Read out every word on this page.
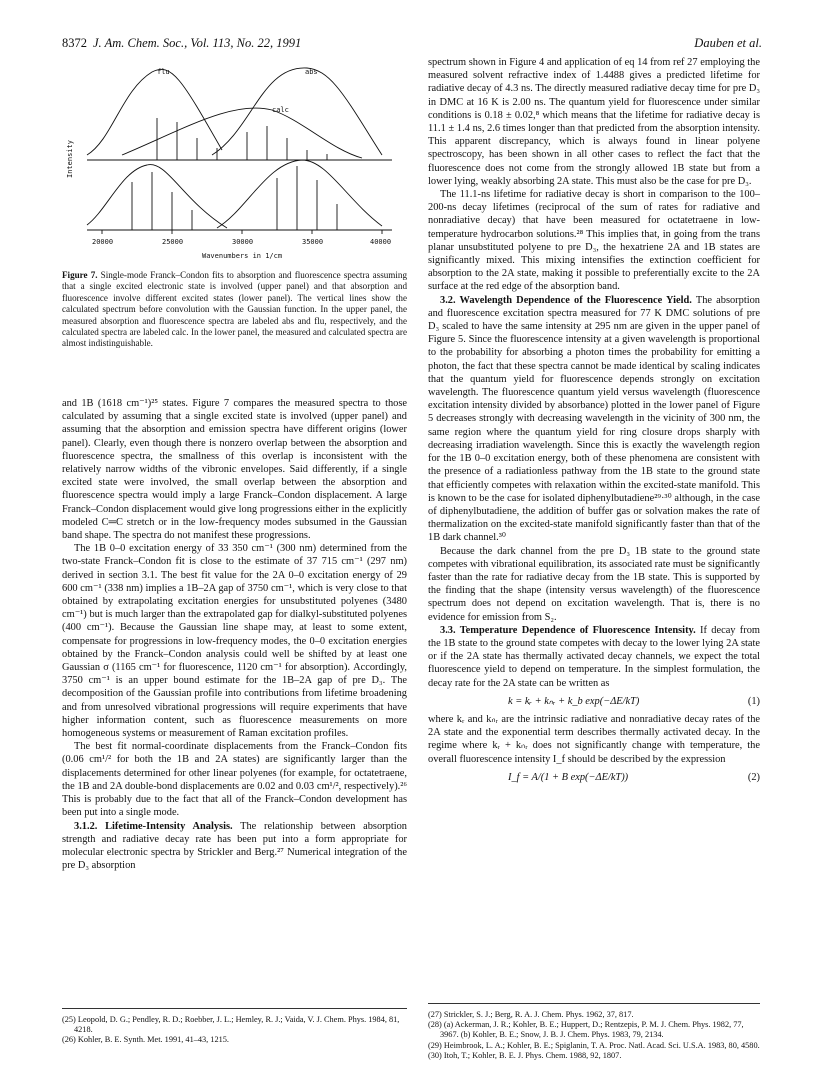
8372 J. Am. Chem. Soc., Vol. 113, No. 22, 1991	Dauben et al.
flu	abs
calc
20000	25000	30000	35000	40000
Wavenumbers in 1/cm
Intensity
Figure 7. Single-mode Franck–Condon fits to absorption and fluorescence spectra assuming that a single excited electronic state is involved (upper panel) and that absorption and fluorescence involve different excited states (lower panel). The vertical lines show the calculated spectrum before convolution with the Gaussian function. In the upper panel, the measured absorption and fluorescence spectra are labeled abs and flu, respectively, and the calculated spectra are labeled calc. In the lower panel, the measured and calculated spectra are almost indistinguishable.

and 1B (1618 cm⁻¹)²⁵ states. Figure 7 compares the measured spectra to those calculated by assuming that a single excited state is involved (upper panel) and assuming that the absorption and emission spectra have different origins (lower panel). Clearly, even though there is nonzero overlap between the absorption and fluorescence spectra, the smallness of this overlap is inconsistent with the relatively narrow widths of the vibronic envelopes. Said differently, if a single excited state were involved, the small overlap between the absorption and fluorescence spectra would imply a large Franck–Condon displacement. A large Franck–Condon displacement would give long progressions either in the explicitly modeled C═C stretch or in the low-frequency modes subsumed in the Gaussian band shape. The spectra do not manifest these progressions.

The 1B 0–0 excitation energy of 33 350 cm⁻¹ (300 nm) determined from the two-state Franck–Condon fit is close to the estimate of 37 715 cm⁻¹ (297 nm) derived in section 3.1. The best fit value for the 2A 0–0 excitation energy of 29 600 cm⁻¹ (338 nm) implies a 1B–2A gap of 3750 cm⁻¹, which is very close to that obtained by extrapolating excitation energies for unsubstituted polyenes (3480 cm⁻¹) but is much larger than the extrapolated gap for dialkyl-substituted polyenes (400 cm⁻¹). Because the Gaussian line shape may, at least to some extent, compensate for progressions in low-frequency modes, the 0–0 excitation energies obtained by the Franck–Condon analysis could well be shifted by at least one Gaussian σ (1165 cm⁻¹ for fluorescence, 1120 cm⁻¹ for absorption). Accordingly, 3750 cm⁻¹ is an upper bound estimate for the 1B–2A gap of pre D₃. The decomposition of the Gaussian profile into contributions from lifetime broadening and from unresolved vibrational progressions will require experiments that have higher information content, such as fluorescence measurements on more homogeneous systems or measurement of Raman excitation profiles.

The best fit normal-coordinate displacements from the Franck–Condon fits (0.06 cm¹/² for both the 1B and 2A states) are significantly larger than the displacements determined for other linear polyenes (for example, for octatetraene, the 1B and 2A double-bond displacements are 0.02 and 0.03 cm¹/², respectively).²⁶ This is probably due to the fact that all of the Franck–Condon development has been put into a single mode.

3.1.2. Lifetime-Intensity Analysis. The relationship between absorption strength and radiative decay rate has been put into a form appropriate for molecular electronic spectra by Strickler and Berg.²⁷ Numerical integration of the pre D₃ absorption

(25) Leopold, D. G.; Pendley, R. D.; Roebber, J. L.; Hemley, R. J.; Vaida, V. J. Chem. Phys. 1984, 81, 4218.
(26) Kohler, B. E. Synth. Met. 1991, 41–43, 1215.

spectrum shown in Figure 4 and application of eq 14 from ref 27 employing the measured solvent refractive index of 1.4488 gives a predicted lifetime for radiative decay of 4.3 ns. The directly measured radiative decay time for pre D₃ in DMC at 16 K is 2.00 ns. The quantum yield for fluorescence under similar conditions is 0.18 ± 0.02,⁸ which means that the lifetime for radiative decay is 11.1 ± 1.4 ns, 2.6 times longer than that predicted from the absorption intensity. This apparent discrepancy, which is always found in linear polyene spectroscopy, has been shown in all other cases to reflect the fact that the fluorescence does not come from the strongly allowed 1B state but from a lower lying, weakly absorbing 2A state. This must also be the case for pre D₃.

The 11.1-ns lifetime for radiative decay is short in comparison to the 100–200-ns decay lifetimes (reciprocal of the sum of rates for radiative and nonradiative decay) that have been measured for octatetraene in low-temperature hydrocarbon solutions.²⁸ This implies that, in going from the trans planar unsubstituted polyene to pre D₃, the hexatriene 2A and 1B states are significantly mixed. This mixing intensifies the extinction coefficient for absorption to the 2A state, making it possible to preferentially excite to the 2A surface at the red edge of the absorption band.

3.2. Wavelength Dependence of the Fluorescence Yield. The absorption and fluorescence excitation spectra measured for 77 K DMC solutions of pre D₃ scaled to have the same intensity at 295 nm are given in the upper panel of Figure 5. Since the fluorescence intensity at a given wavelength is proportional to the probability for absorbing a photon times the probability for emitting a photon, the fact that these spectra cannot be made identical by scaling indicates that the quantum yield for fluorescence depends strongly on excitation wavelength. The fluorescence quantum yield versus wavelength (fluorescence excitation intensity divided by absorbance) plotted in the lower panel of Figure 5 decreases strongly with decreasing wavelength in the vicinity of 300 nm, the same region where the quantum yield for ring closure drops sharply with decreasing irradiation wavelength. Since this is exactly the wavelength region for the 1B 0–0 excitation energy, both of these phenomena are consistent with the presence of a radiationless pathway from the 1B state to the ground state that efficiently competes with relaxation within the excited-state manifold. This is known to be the case for isolated diphenylbutadiene²⁹·³⁰ although, in the case of diphenylbutadiene, the addition of buffer gas or solvation makes the rate of thermalization on the excited-state manifold significantly faster than that of the 1B dark channel.³⁰

Because the dark channel from the pre D₃ 1B state to the ground state competes with vibrational equilibration, its associated rate must be significantly faster than the rate for radiative decay from the 1B state. This is supported by the finding that the shape (intensity versus wavelength) of the fluorescence spectrum does not depend on excitation wavelength. That is, there is no evidence for emission from S₂.

3.3. Temperature Dependence of Fluorescence Intensity. If decay from the 1B state to the ground state competes with decay to the lower lying 2A state or if the 2A state has thermally activated decay channels, we expect the total fluorescence yield to depend on temperature. In the simplest formulation, the decay rate for the 2A state can be written as

k = kᵣ + kₙᵣ + k_b exp(−ΔE/kT)	(1)

where kᵣ and kₙᵣ are the intrinsic radiative and nonradiative decay rates of the 2A state and the exponential term describes thermally activated decay. In the regime where kᵣ + kₙᵣ does not significantly change with temperature, the overall fluorescence intensity I_f should be described by the expression

I_f = A/(1 + B exp(−ΔE/kT))	(2)
(27) Strickler, S. J.; Berg, R. A. J. Chem. Phys. 1962, 37, 817.
(28) (a) Ackerman, J. R.; Kohler, B. E.; Huppert, D.; Rentzepis, P. M. J. Chem. Phys. 1982, 77, 3967. (b) Kohler, B. E.; Snow, J. B. J. Chem. Phys. 1983, 79, 2134.
(29) Heimbrook, L. A.; Kohler, B. E.; Spiglanin, T. A. Proc. Natl. Acad. Sci. U.S.A. 1983, 80, 4580.
(30) Itoh, T.; Kohler, B. E. J. Phys. Chem. 1988, 92, 1807.
